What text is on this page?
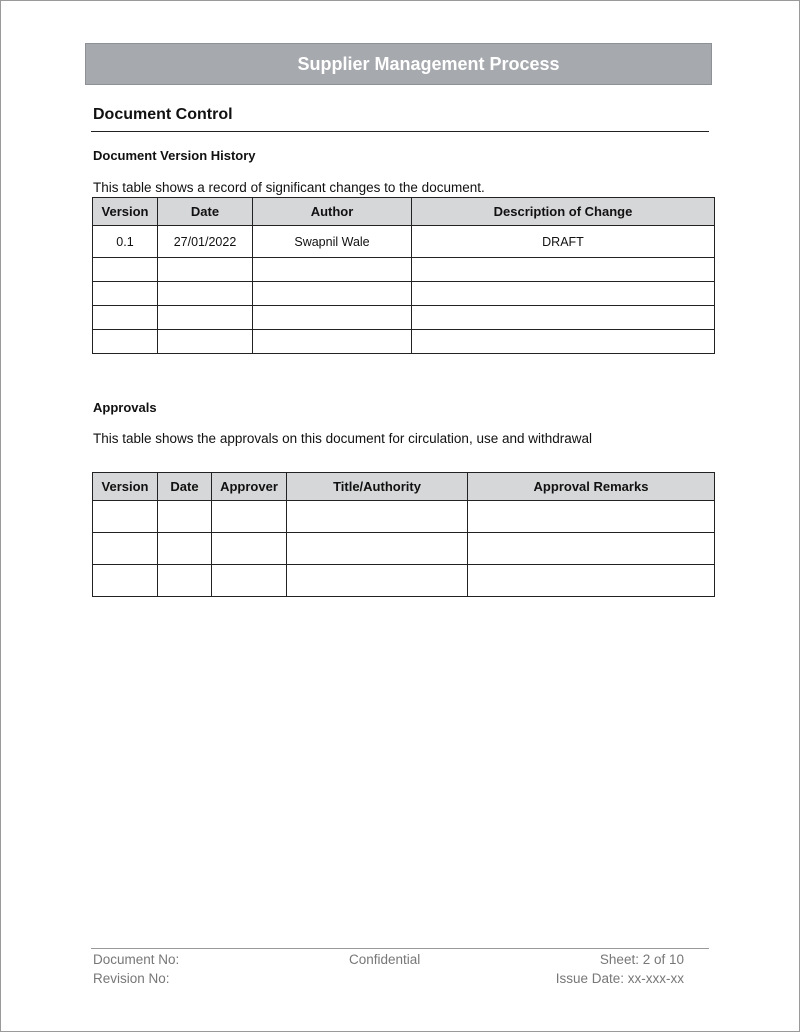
Supplier Management Process
Document Control
Document Version History
This table shows a record of significant changes to the document.
Version	Date	Author	Description of Change
0.1	27/01/2022	Swapnil Wale	DRAFT

Approvals
This table shows the approvals on this document for circulation, use and withdrawal
Version	Date	Approver	Title/Authority	Approval Remarks

Document No:
Revision No:
Confidential	Sheet: 2 of 10
Issue Date: xx-xxx-xx
